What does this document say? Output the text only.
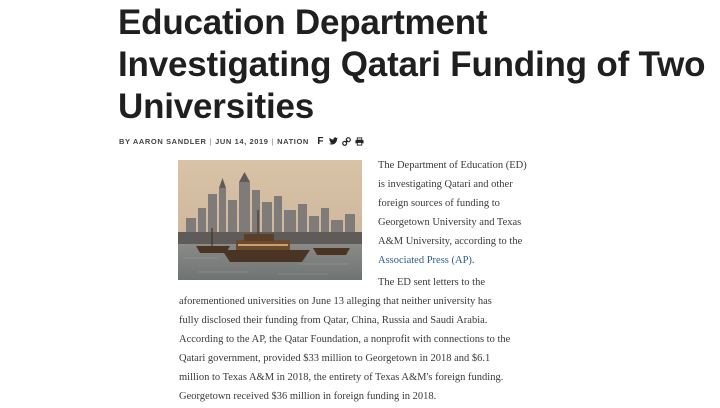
Education Department Investigating Qatari Funding of Two Universities
BY AARON SANDLER | JUN 14, 2019 | NATION F

The Department of Education (ED)

is investigating Qatari and other

foreign sources of funding to

Georgetown University and Texas

A&M University, according to the

Associated Press (AP).

The ED sent letters to the

aforementioned universities on June 13 alleging that neither university has
fully disclosed their funding from Qatar, China, Russia and Saudi Arabia.
According to the AP, the Qatar Foundation, a nonprofit with connections to the
Qatari government, provided $33 million to Georgetown in 2018 and $6.1
million to Texas A&M in 2018, the entirety of Texas A&M's foreign funding.
Georgetown received $36 million in foreign funding in 2018.
